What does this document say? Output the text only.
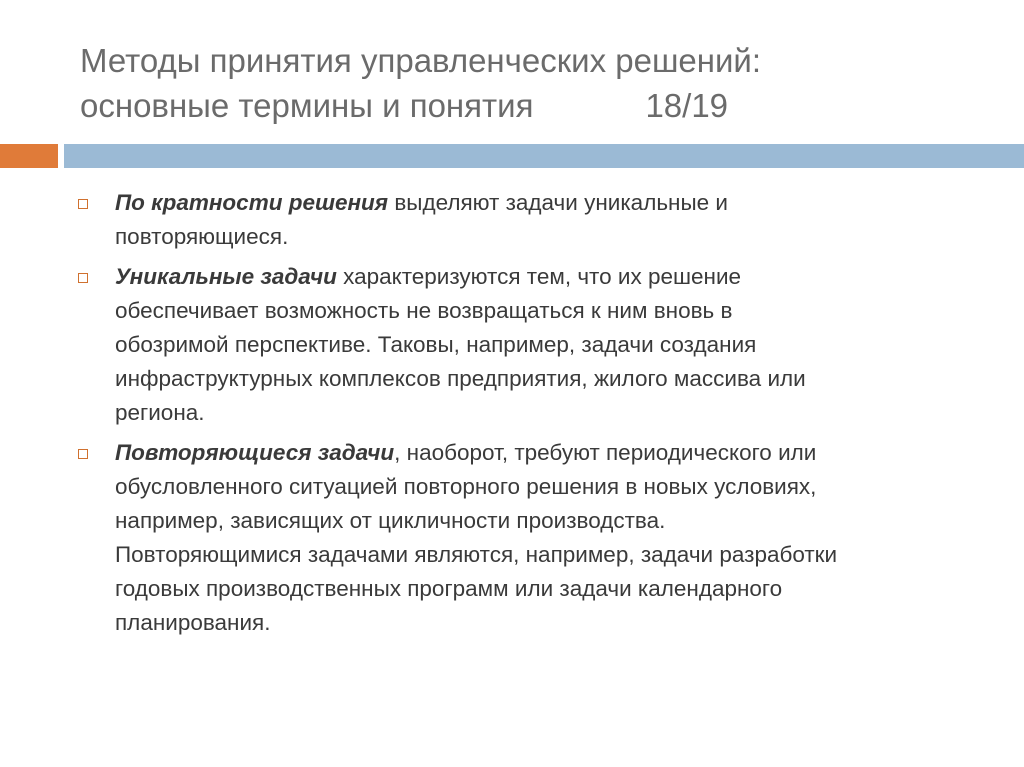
Методы принятия управленческих решений:
основные термины и понятия	18/19
По кратности решения выделяют задачи уникальные и
повторяющиеся.
Уникальные задачи характеризуются тем, что их решение
обеспечивает возможность не возвращаться к ним вновь в
обозримой перспективе. Таковы, например, задачи создания
инфраструктурных комплексов предприятия, жилого массива или
региона.
Повторяющиеся задачи, наоборот, требуют периодического или
обусловленного ситуацией повторного решения в новых условиях,
например, зависящих от цикличности производства.
Повторяющимися задачами являются, например, задачи разработки
годовых производственных программ или задачи календарного
планирования.
